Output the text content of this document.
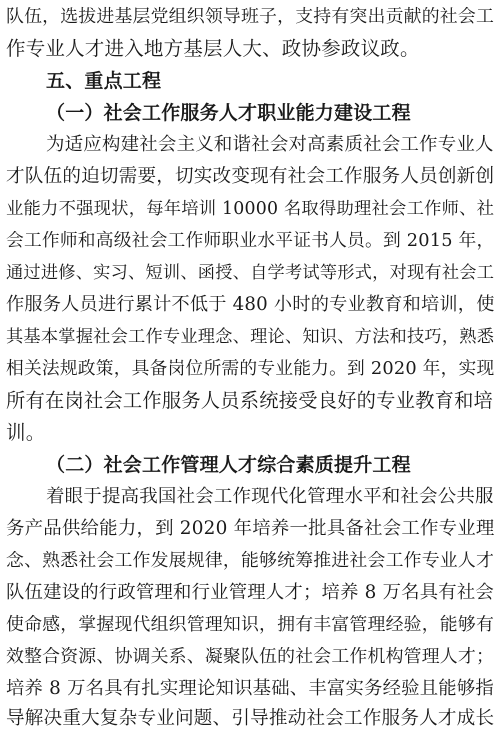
队伍，选拔进基层党组织领导班子，支持有突出贡献的社会工
作专业人才进入地方基层人大、政协参政议政。
五、重点工程
（一）社会工作服务人才职业能力建设工程
为适应构建社会主义和谐社会对高素质社会工作专业人
才队伍的迫切需要，切实改变现有社会工作服务人员创新创
业能力不强现状，每年培训 10000 名取得助理社会工作师、社
会工作师和高级社会工作师职业水平证书人员。到 2015 年，
通过进修、实习、短训、函授、自学考试等形式，对现有社会工
作服务人员进行累计不低于 480 小时的专业教育和培训，使
其基本掌握社会工作专业理念、理论、知识、方法和技巧，熟悉
相关法规政策，具备岗位所需的专业能力。到 2020 年，实现
所有在岗社会工作服务人员系统接受良好的专业教育和培
训。
（二）社会工作管理人才综合素质提升工程
着眼于提高我国社会工作现代化管理水平和社会公共服
务产品供给能力，到 2020 年培养一批具备社会工作专业理
念、熟悉社会工作发展规律，能够统筹推进社会工作专业人才
队伍建设的行政管理和行业管理人才；培养 8 万名具有社会
使命感，掌握现代组织管理知识，拥有丰富管理经验，能够有
效整合资源、协调关系、凝聚队伍的社会工作机构管理人才；
培养 8 万名具有扎实理论知识基础、丰富实务经验且能够指
导解决重大复杂专业问题、引导推动社会工作服务人才成长
